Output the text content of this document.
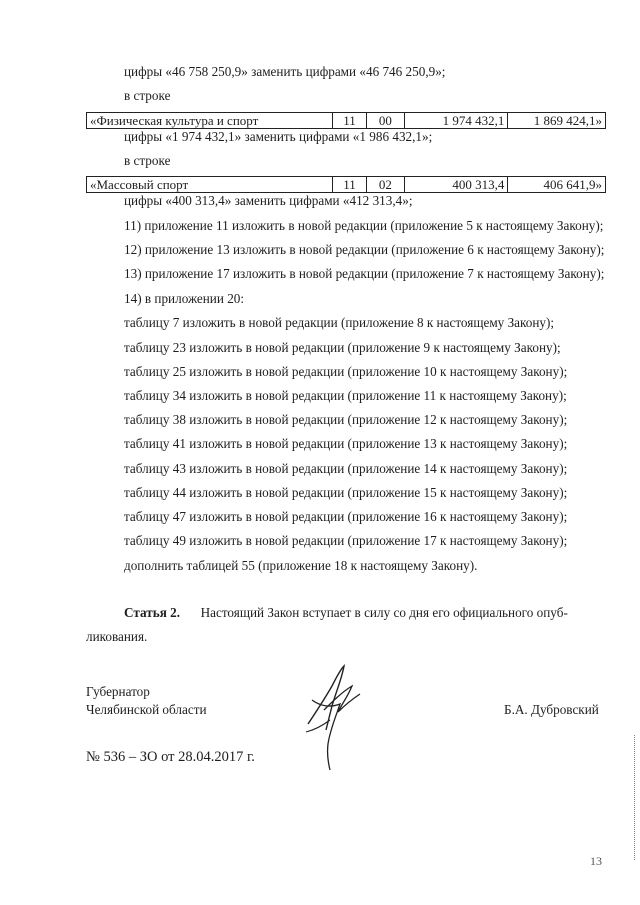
цифры «46 758 250,9» заменить цифрами «46 746 250,9»;
в строке
«Физическая культура и спорт	11	00	1 974 432,1	1 869 424,1»
цифры «1 974 432,1» заменить цифрами «1 986 432,1»;
в строке
«Массовый спорт	11	02	400 313,4	406 641,9»
цифры «400 313,4» заменить цифрами «412 313,4»;
11) приложение 11 изложить в новой редакции (приложение 5 к настоящему Закону);
12) приложение 13 изложить в новой редакции (приложение 6 к настоящему Закону);
13) приложение 17 изложить в новой редакции (приложение 7 к настоящему Закону);
14) в приложении 20:
таблицу 7 изложить в новой редакции (приложение 8 к настоящему Закону);
таблицу 23 изложить в новой редакции (приложение 9 к настоящему Закону);
таблицу 25 изложить в новой редакции (приложение 10 к настоящему Закону);
таблицу 34 изложить в новой редакции (приложение 11 к настоящему Закону);
таблицу 38 изложить в новой редакции (приложение 12 к настоящему Закону);
таблицу 41 изложить в новой редакции (приложение 13 к настоящему Закону);
таблицу 43 изложить в новой редакции (приложение 14 к настоящему Закону);
таблицу 44 изложить в новой редакции (приложение 15 к настоящему Закону);
таблицу 47 изложить в новой редакции (приложение 16 к настоящему Закону);
таблицу 49 изложить в новой редакции (приложение 17 к настоящему Закону);
дополнить таблицей 55 (приложение 18 к настоящему Закону).
Статья 2. Настоящий Закон вступает в силу со дня его официального опуб-
ликования.
Губернатор
Челябинской области	Б.А. Дубровский
№ 536 – ЗО от 28.04.2017 г.
13
